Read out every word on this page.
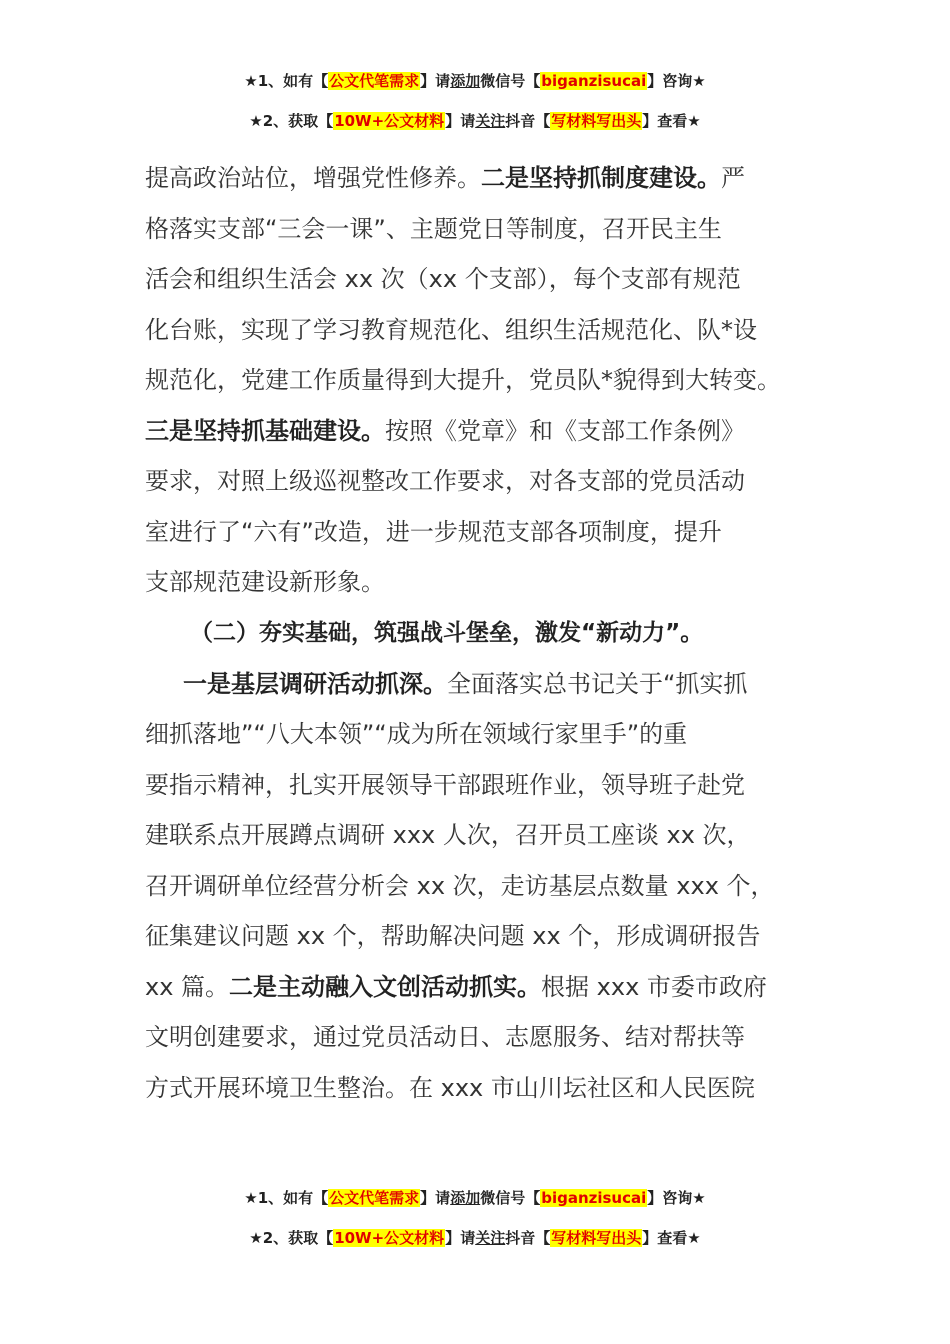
★1、如有【公文代笔需求】请添加微信号【biganzisucai】咨询★
★2、获取【10W+公文材料】请关注抖音【写材料写出头】查看★
提高政治站位，增强党性修养。二是坚持抓制度建设。严
格落实支部“三会一课”、主题党日等制度，召开民主生
活会和组织生活会 xx 次（xx 个支部），每个支部有规范
化台账，实现了学习教育规范化、组织生活规范化、队*设
规范化，党建工作质量得到大提升，党员队*貌得到大转变。
三是坚持抓基础建设。按照《党章》和《支部工作条例》
要求，对照上级巡视整改工作要求，对各支部的党员活动
室进行了“六有”改造，进一步规范支部各项制度，提升
支部规范建设新形象。
（二）夯实基础，筑强战斗堡垒，激发“新动力”。
一是基层调研活动抓深。全面落实总书记关于“抓实抓
细抓落地”“八大本领”“成为所在领域行家里手”的重
要指示精神，扎实开展领导干部跟班作业，领导班子赴党
建联系点开展蹲点调研 xxx 人次，召开员工座谈 xx 次，
召开调研单位经营分析会 xx 次，走访基层点数量 xxx 个，
征集建议问题 xx 个，帮助解决问题 xx 个，形成调研报告
xx 篇。二是主动融入文创活动抓实。根据 xxx 市委市政府
文明创建要求，通过党员活动日、志愿服务、结对帮扶等
方式开展环境卫生整治。在 xxx 市山川坛社区和人民医院
★1、如有【公文代笔需求】请添加微信号【biganzisucai】咨询★
★2、获取【10W+公文材料】请关注抖音【写材料写出头】查看★
